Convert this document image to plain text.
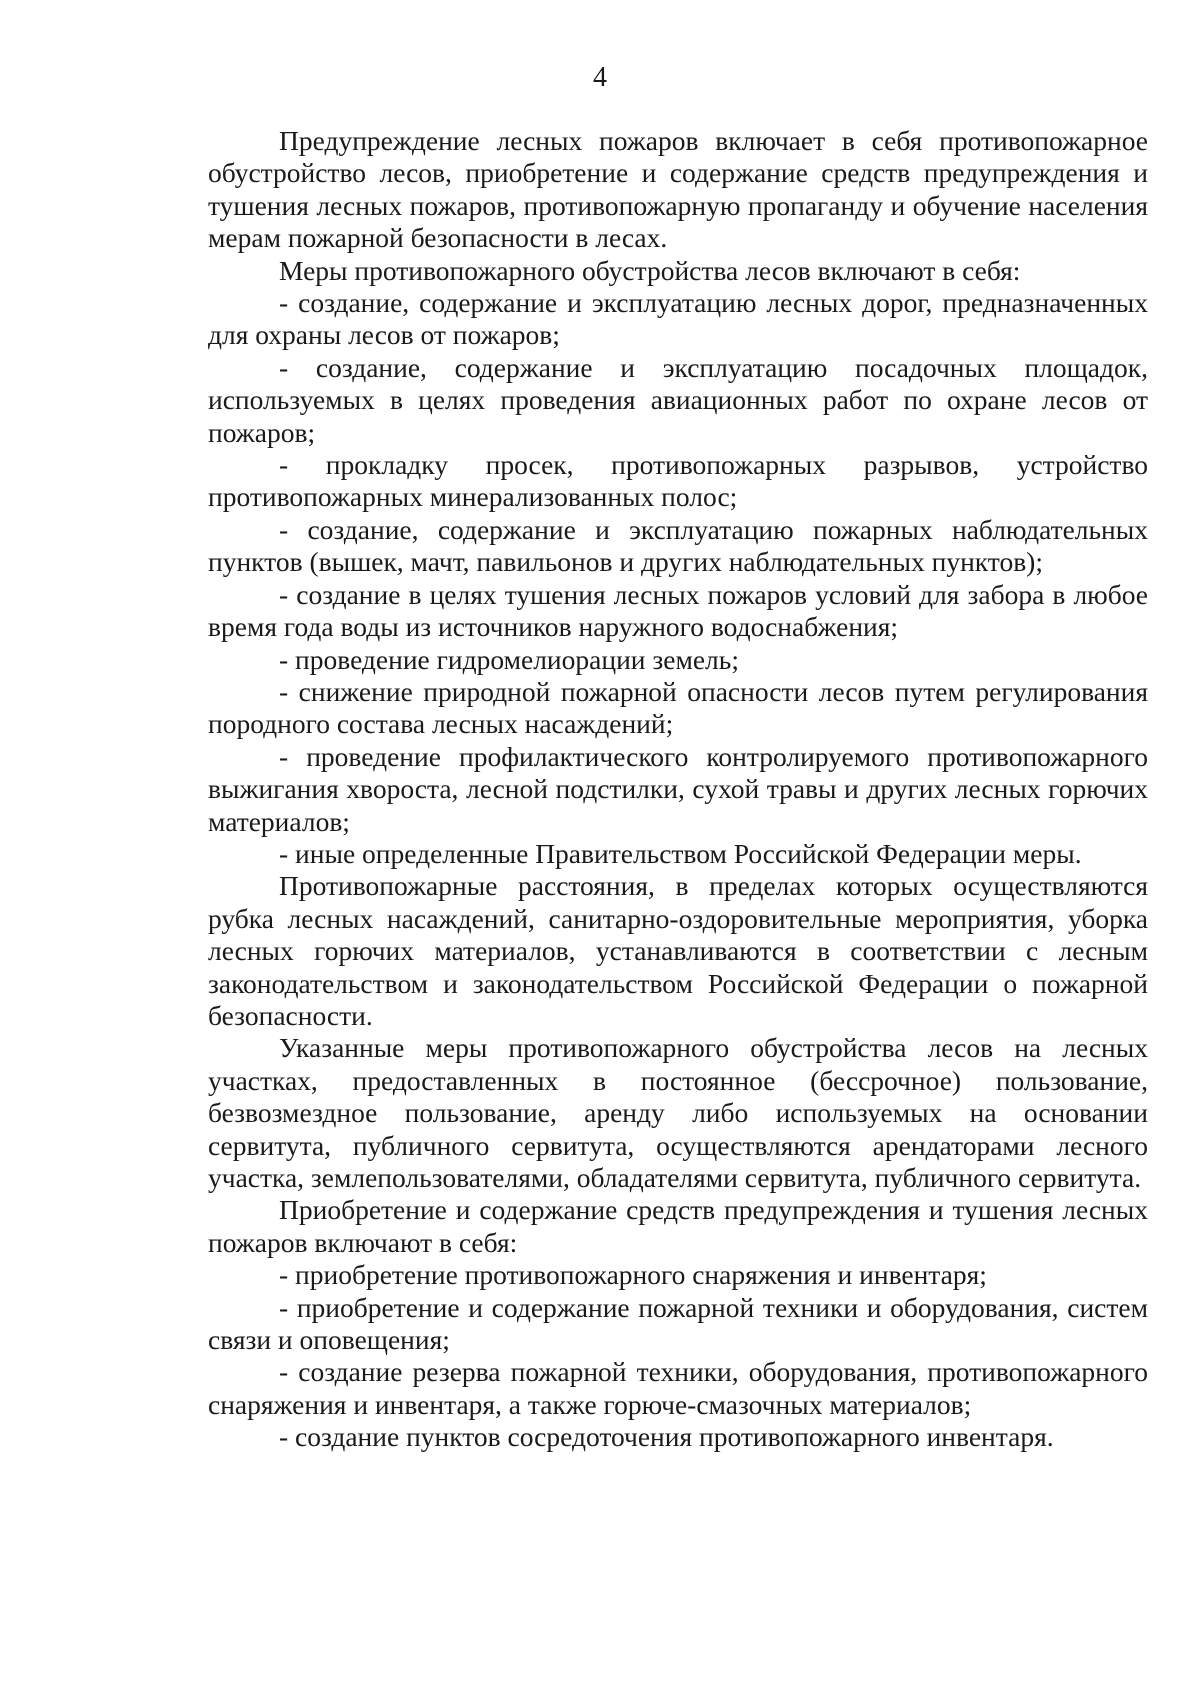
4

Предупреждение лесных пожаров включает в себя противопожарное обустройство лесов, приобретение и содержание средств предупреждения и тушения лесных пожаров, противопожарную пропаганду и обучение населения мерам пожарной безопасности в лесах.

Меры противопожарного обустройства лесов включают в себя:

- создание, содержание и эксплуатацию лесных дорог, предназначенных для охраны лесов от пожаров;

- создание, содержание и эксплуатацию посадочных площадок, используемых в целях проведения авиационных работ по охране лесов от пожаров;

- прокладку просек, противопожарных разрывов, устройство противопожарных минерализованных полос;

- создание, содержание и эксплуатацию пожарных наблюдательных пунктов (вышек, мачт, павильонов и других наблюдательных пунктов);

- создание в целях тушения лесных пожаров условий для забора в любое время года воды из источников наружного водоснабжения;

- проведение гидромелиорации земель;

- снижение природной пожарной опасности лесов путем регулирования породного состава лесных насаждений;

- проведение профилактического контролируемого противопожарного выжигания хвороста, лесной подстилки, сухой травы и других лесных горючих материалов;

- иные определенные Правительством Российской Федерации меры.

Противопожарные расстояния, в пределах которых осуществляются рубка лесных насаждений, санитарно-оздоровительные мероприятия, уборка лесных горючих материалов, устанавливаются в соответствии с лесным законодательством и законодательством Российской Федерации о пожарной безопасности.

Указанные меры противопожарного обустройства лесов на лесных участках, предоставленных в постоянное (бессрочное) пользование, безвозмездное пользование, аренду либо используемых на основании сервитута, публичного сервитута, осуществляются арендаторами лесного участка, землепользователями, обладателями сервитута, публичного сервитута.

Приобретение и содержание средств предупреждения и тушения лесных пожаров включают в себя:

- приобретение противопожарного снаряжения и инвентаря;

- приобретение и содержание пожарной техники и оборудования, систем связи и оповещения;

- создание резерва пожарной техники, оборудования, противопожарного снаряжения и инвентаря, а также горюче-смазочных материалов;

- создание пунктов сосредоточения противопожарного инвентаря.
